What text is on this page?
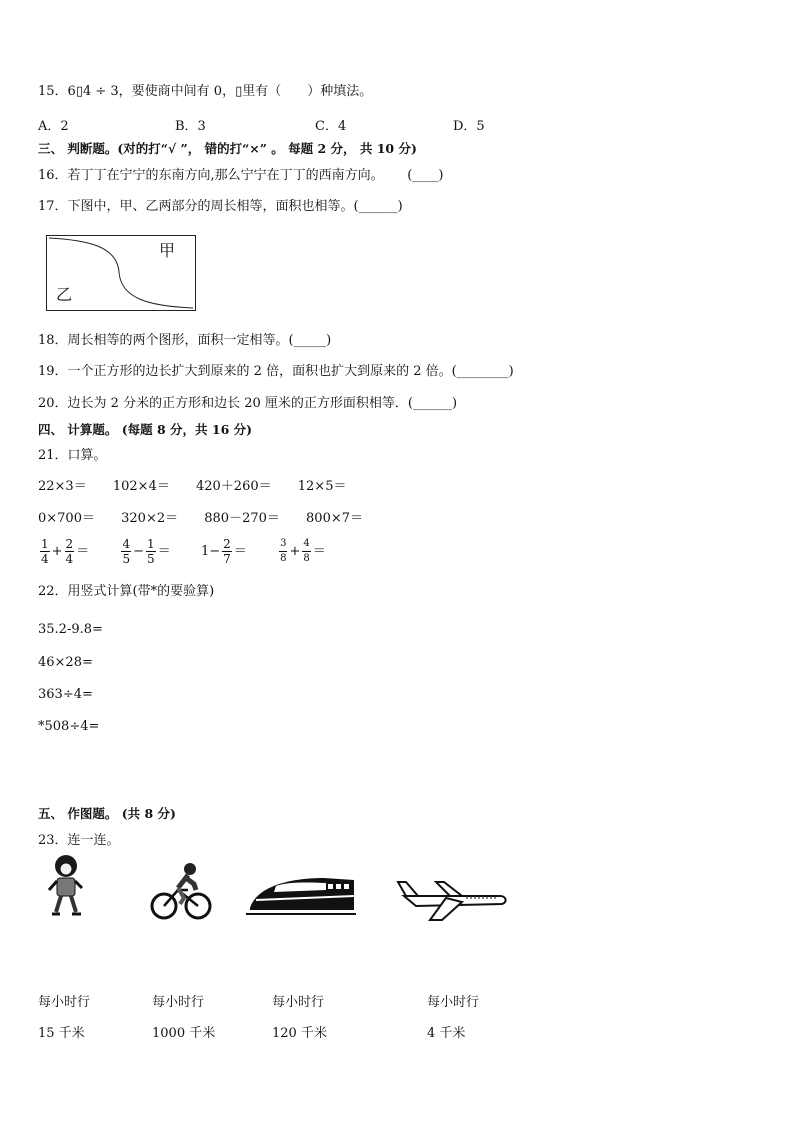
15．6▯4 ÷ 3，要使商中间有 0，▯里有（　　）种填法。
A．2	B．3	C．4	D．5
三、 判断题。(对的打“√ ”， 错的打“×” 。 每题 2 分， 共 10 分)
16．若丁丁在宁宁的东南方向,那么宁宁在丁丁的西南方向。　　 (____)
17．下图中，甲、乙两部分的周长相等，面积也相等。(______)
甲
乙
18．周长相等的两个图形，面积一定相等。(_____)
19．一个正方形的边长扩大到原来的 2 倍，面积也扩大到原来的 2 倍。(________)
20．边长为 2 分米的正方形和边长 20 厘米的正方形面积相等．(______)
四、 计算题。 (每题 8 分，共 16 分)
21．口算。
22×3＝ 102×4＝ 420＋260＝ 12×5＝
0×700＝ 320×2＝ 880－270＝ 800×7＝
$\frac{1}{4} + \frac{2}{4}$ ＝	$\frac{4}{5} - \frac{1}{5} = 1- \frac{2}{7}$ ＝	$\frac{3}{8} + \frac{4}{8}$ ＝
22．用竖式计算(带*的要验算)
35.2-9.8=
46×28=
363÷4=
*508÷4=
五、 作图题。 (共 8 分)
23．连一连。
每小时行	每小时行	每小时行	每小时行
15 千米	1000 千米	120 千米	4 千米
